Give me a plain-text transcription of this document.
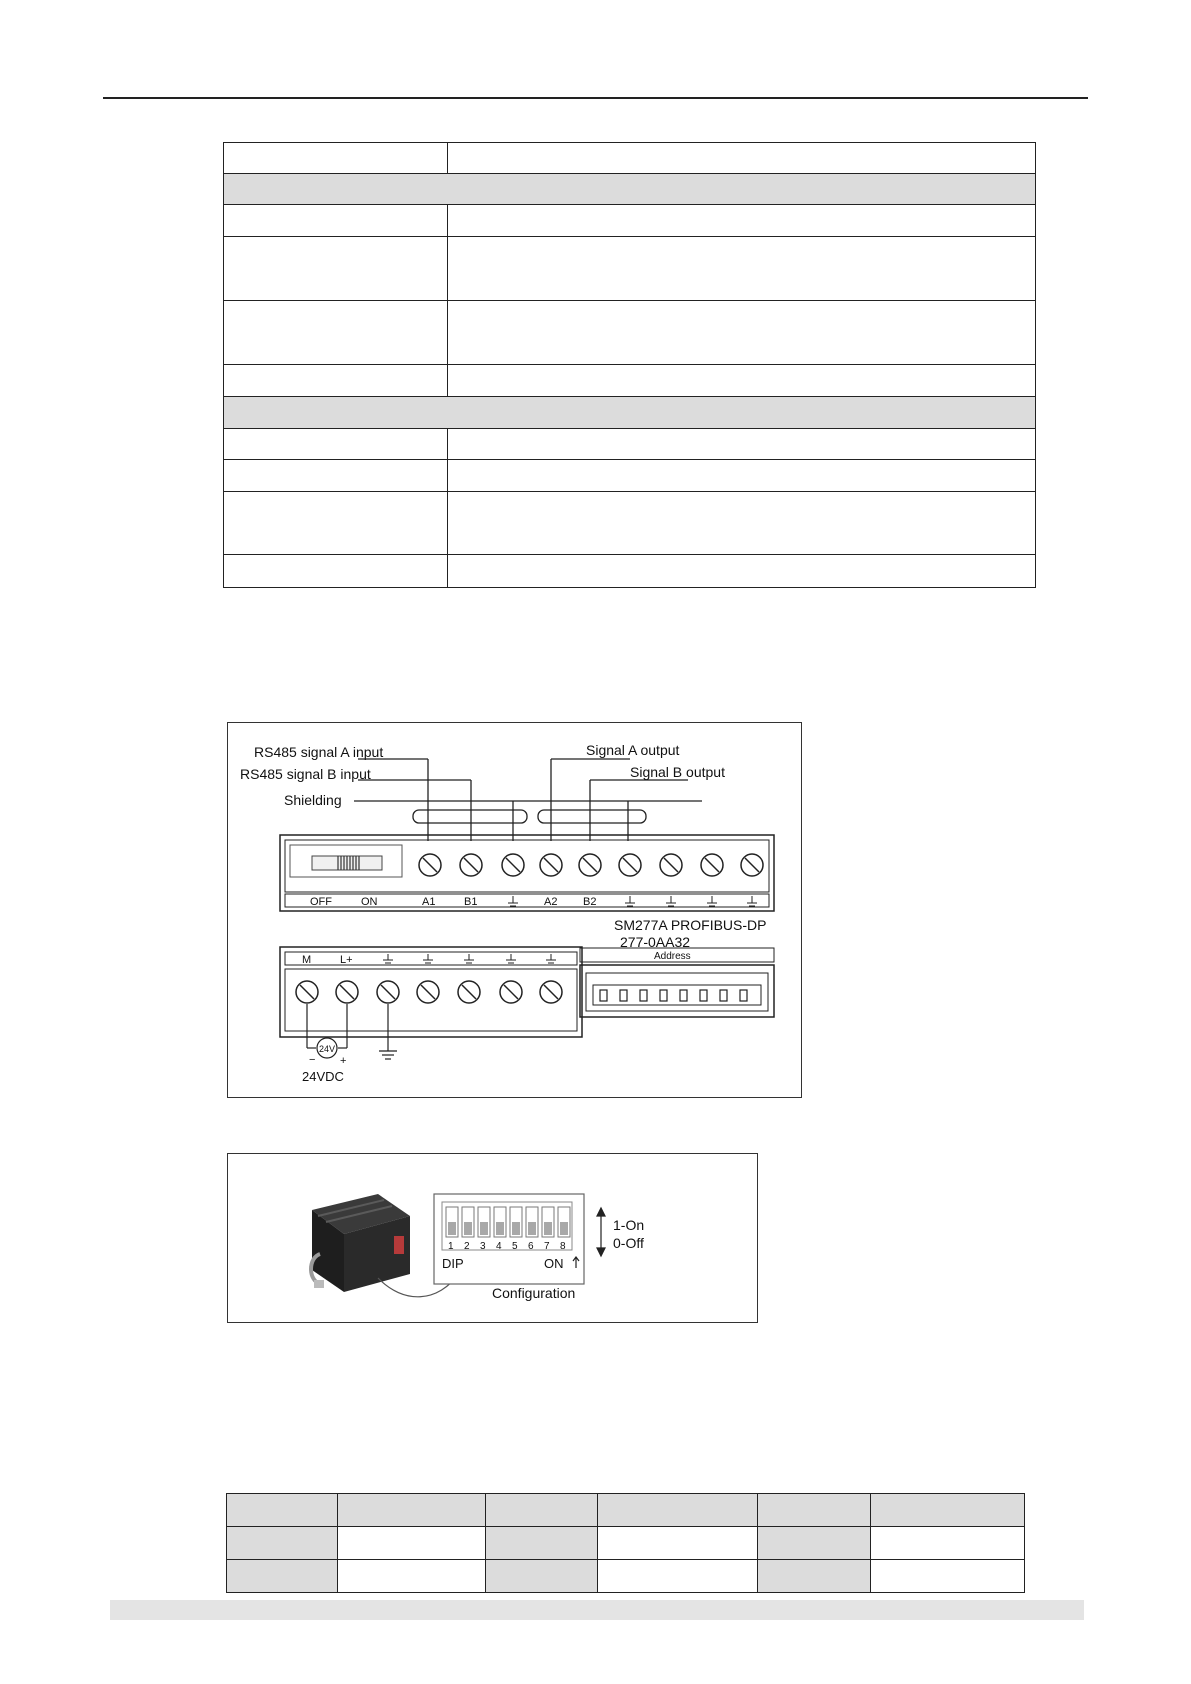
RS485 signal A input
RS485 signal B input
Shielding
Signal A output
Signal B output
OFF	ON	A1	B1	A2 B2
SM277A PROFIBUS-DP
277-0AA32
M	L+	Address
24V
− +
24VDC
1 2 3 4 5 6 7 8
DIP	ON
1-On
0-Off
Configuration
